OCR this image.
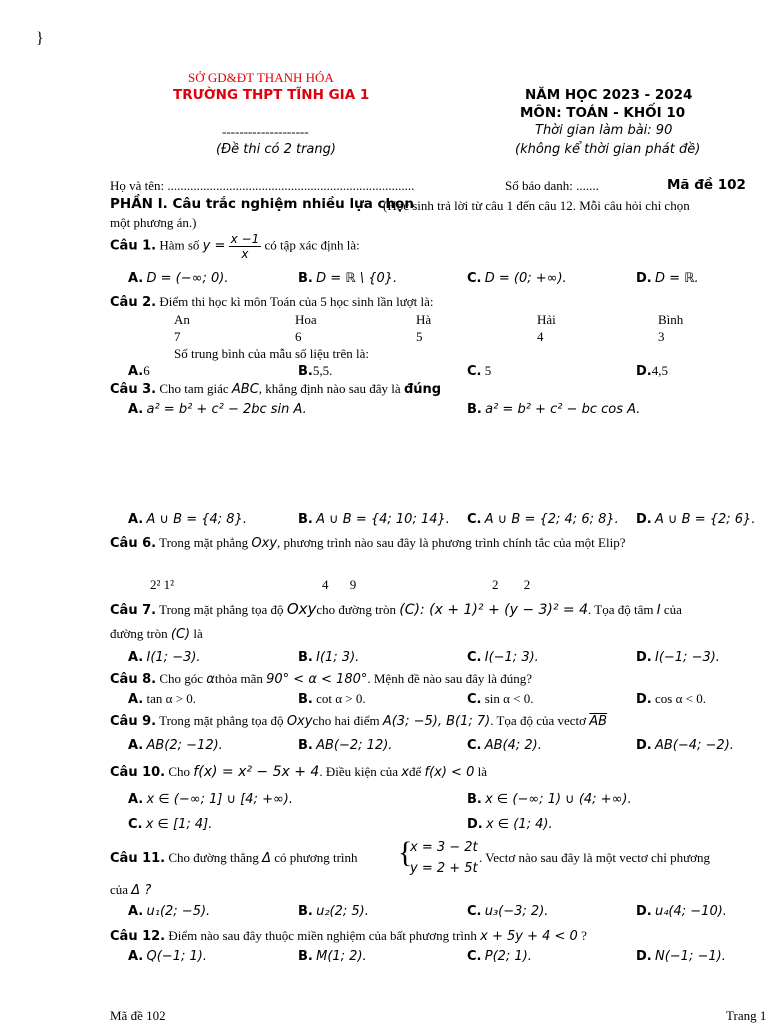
}
SỞ GD&ĐT THANH HÓA
TRƯỜNG THPT TĨNH GIA 1
--------------------
(Đề thi có 2 trang)
NĂM HỌC 2023 - 2024
MÔN: TOÁN - KHỐI 10
Thời gian làm bài: 90
(không kể thời gian phát đề)
Họ và tên: ............................................................................	Số báo danh: .......	Mã đề 102
PHẦN I. Câu trắc nghiệm nhiều lựa chọn
(Học sinh trả lời từ câu 1 đến câu 12. Mỗi câu hỏi chỉ chọn
một phương án.)
Câu 1. Hàm số $y = \frac{x -1}{x}$ có tập xác định là:
A. D = (−∞; 0).	B. D = ℝ \ {0}.	C. D = (0; +∞).	D. D = ℝ.
Câu 2. Điểm thi học kì môn Toán của 5 học sinh lần lượt là:
An	Hoa	Hà	Hải	Bình
7	6	5	4	3
Số trung bình của mẫu số liệu trên là:
A.6	B.5,5.	C. 5	D.4,5
Câu 3. Cho tam giác ABC, khẳng định nào sau đây là đúng
A. a² = b² + c² − 2bc sin A.	B. a² = b² + c² − bc cos A.
A. A ∪ B = {4; 8}.	B. A ∪ B = {4; 10; 14}. C. A ∪ B = {2; 4; 6; 8}. D. A ∪ B = {2; 6}.
Câu 6. Trong mặt phẳng Oxy, phương trình nào sau đây là phương trình chính tắc của một Elip?
2² 1²	4 9	2 2
Câu 7. Trong mặt phẳng tọa độ Oxycho đường tròn (C): (x + 1)² + (y − 3)² = 4. Tọa độ tâm I của
đường tròn (C) là
A. I(1; −3).	B. I(1; 3).	C. I(−1; 3).	D. I(−1; −3).
Câu 8. Cho góc αthỏa mãn 90° < α < 180°. Mệnh đề nào sau đây là đúng?
A. tan α > 0.	B. cot α > 0.	C. sin α < 0.	D. cos α < 0.
Câu 9. Trong mặt phẳng tọa độ Oxycho hai điểm A(3; −5), B(1; 7). Tọa độ của vectơ $\overline{AB}$
A. AB(2; −12).	B. AB(−2; 12).	C. AB(4; 2).	D. AB(−4; −2).
Câu 10. Cho f(x) = x² − 5x + 4. Điều kiện của xđể f(x) < 0 là
A. x ∈ (−∞; 1] ∪ [4; +∞).	B. x ∈ (−∞; 1) ∪ (4; +∞).
C. x ∈ [1; 4].	D. x ∈ (1; 4).
Câu 11. Cho đường thẳng Δ có phương trình {
x = 3 − 2t
y = 2 + 5t
. Vectơ nào sau đây là một vectơ chỉ phương
của Δ ?
A. u₁(2; −5).	B. u₂(2; 5).	C. u₃(−3; 2).	D. u₄(4; −10).
Câu 12. Điểm nào sau đây thuộc miền nghiệm của bất phương trình x + 5y + 4 < 0 ?
A. Q(−1; 1).	B. M(1; 2).	C. P(2; 1).	D. N(−1; −1).
Mã đề 102	Trang 1
